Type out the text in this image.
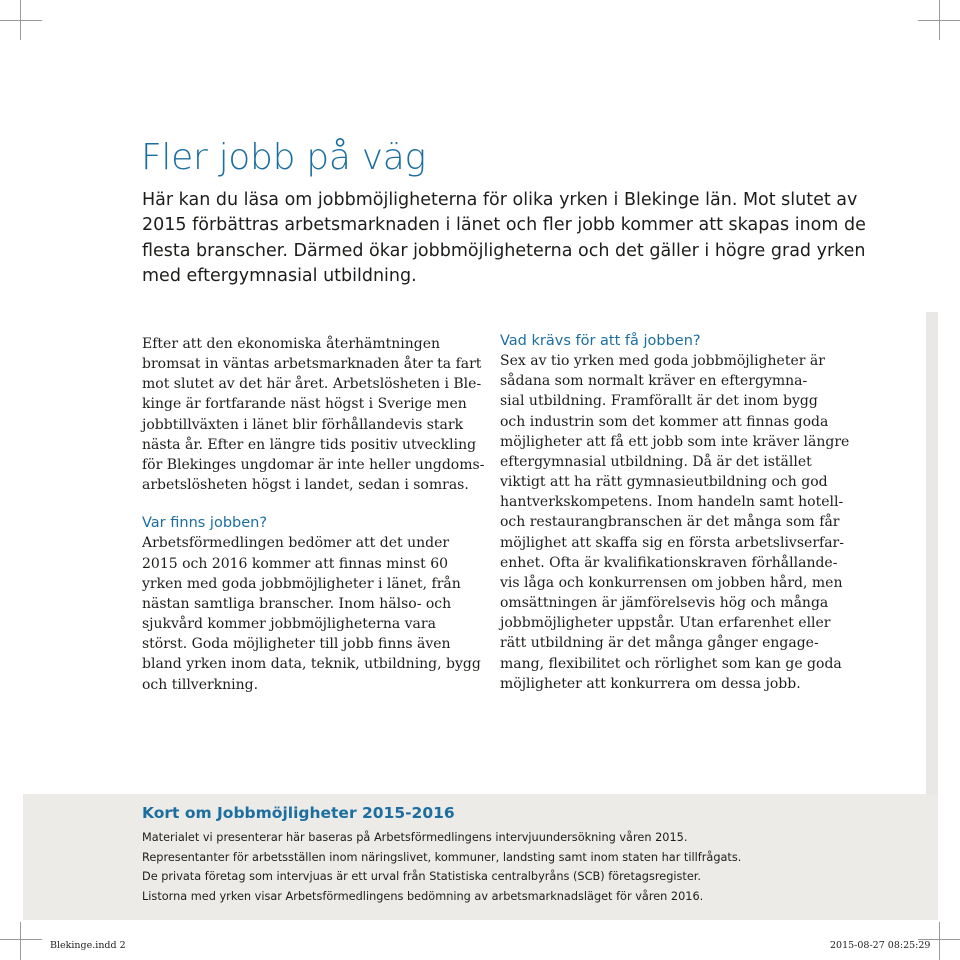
Fler jobb på väg

Här kan du läsa om jobbmöjligheterna för olika yrken i Blekinge län. Mot slutet av
2015 förbättras arbetsmarknaden i länet och fler jobb kommer att skapas inom de
flesta branscher. Därmed ökar jobbmöjligheterna och det gäller i högre grad yrken
med eftergymnasial utbildning.

Efter att den ekonomiska återhämtningen
bromsat in väntas arbetsmarknaden åter ta fart
mot slutet av det här året. Arbetslösheten i Ble-
kinge är fortfarande näst högst i Sverige men
jobbtillväxten i länet blir förhållandevis stark
nästa år. Efter en längre tids positiv utveckling
för Blekinges ungdomar är inte heller ungdoms-
arbetslösheten högst i landet, sedan i somras.
Var finns jobben?
Arbetsförmedlingen bedömer att det under
2015 och 2016 kommer att finnas minst 60
yrken med goda jobbmöjligheter i länet, från
nästan samtliga branscher. Inom hälso- och
sjukvård kommer jobbmöjligheterna vara
störst. Goda möjligheter till jobb finns även
bland yrken inom data, teknik, utbildning, bygg
och tillverkning.
Vad krävs för att få jobben?
Sex av tio yrken med goda jobbmöjligheter är
sådana som normalt kräver en eftergymna-
sial utbildning. Framförallt är det inom bygg
och industrin som det kommer att finnas goda
möjligheter att få ett jobb som inte kräver längre
eftergymnasial utbildning. Då är det istället
viktigt att ha rätt gymnasieutbildning och god
hantverkskompetens. Inom handeln samt hotell-
och restaurangbranschen är det många som får
möjlighet att skaffa sig en första arbetslivserfar-
enhet. Ofta är kvalifikationskraven förhållande-
vis låga och konkurrensen om jobben hård, men
omsättningen är jämförelsevis hög och många
jobbmöjligheter uppstår. Utan erfarenhet eller
rätt utbildning är det många gånger engage-
mang, flexibilitet och rörlighet som kan ge goda
möjligheter att konkurrera om dessa jobb.
Kort om Jobbmöjligheter 2015-2016
Materialet vi presenterar här baseras på Arbetsförmedlingens intervjuundersökning våren 2015.
Representanter för arbetsställen inom näringslivet, kommuner, landsting samt inom staten har tillfrågats.
De privata företag som intervjuas är ett urval från Statistiska centralbyråns (SCB) företagsregister.
Listorna med yrken visar Arbetsförmedlingens bedömning av arbetsmarknadsläget för våren 2016.
Blekinge.indd 2	2015-08-27 08:25:29
